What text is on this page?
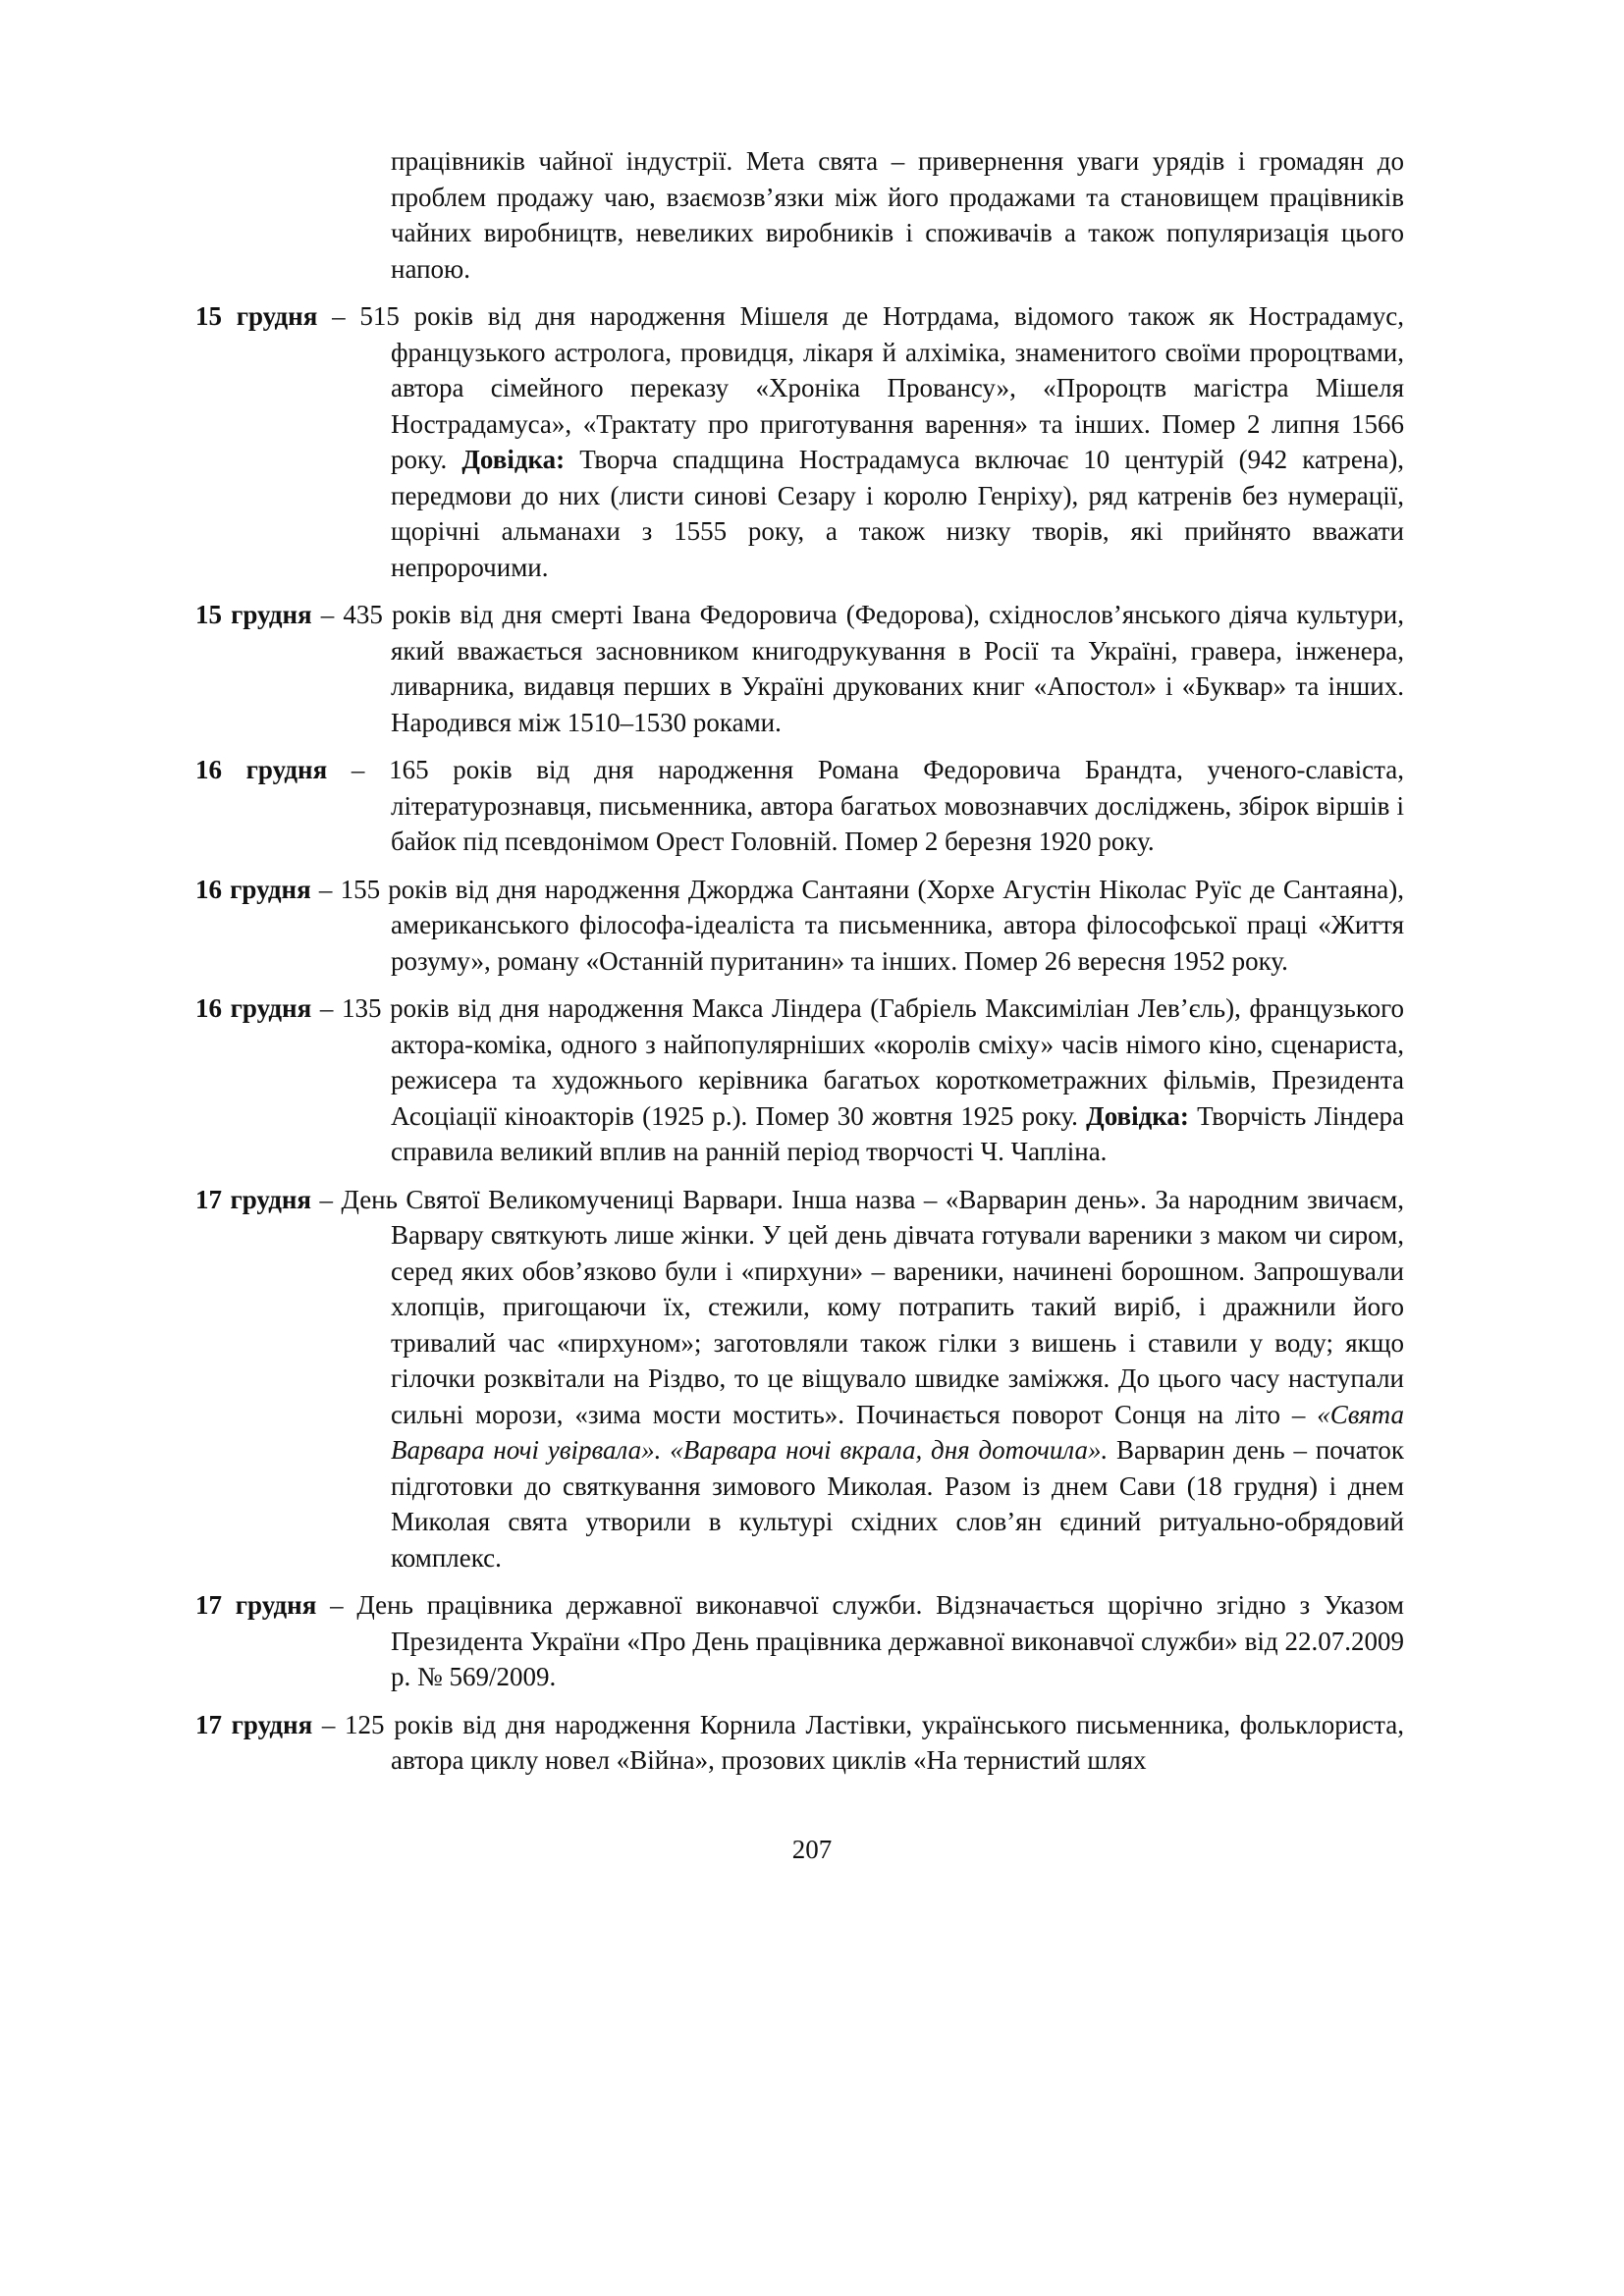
працівників чайної індустрії. Мета свята – привернення уваги урядів і громадян до проблем продажу чаю, взаємозв’язки між його продажами та становищем працівників чайних виробництв, невеликих виробників і споживачів а також популяризація цього напою.

15 грудня – 515 років від дня народження Мішеля де Нотрдама, відомого також як Нострадамус, французького астролога, провидця, лікаря й алхіміка, знаменитого своїми пророцтвами, автора сімейного переказу «Хроніка Провансу», «Пророцтв магістра Мішеля Нострадамуса», «Трактату про приготування варення» та інших. Помер 2 липня 1566 року. Довідка: Творча спадщина Нострадамуса включає 10 центурій (942 катрена), передмови до них (листи синові Сезару і королю Генріху), ряд катренів без нумерації, щорічні альманахи з 1555 року, а також низку творів, які прийнято вважати непророчими.

15 грудня – 435 років від дня смерті Івана Федоровича (Федорова), східнослов’янського діяча культури, який вважається засновником книгодрукування в Росії та Україні, гравера, інженера, ливарника, видавця перших в Україні друкованих книг «Апостол» і «Буквар» та інших. Народився між 1510–1530 роками.

16 грудня – 165 років від дня народження Романа Федоровича Брандта, ученого-славіста, літературознавця, письменника, автора багатьох мовознавчих досліджень, збірок віршів і байок під псевдонімом Орест Головній. Помер 2 березня 1920 року.

16 грудня – 155 років від дня народження Джорджа Сантаяни (Хорхе Агустін Ніколас Руїс де Сантаяна), американського філософа-ідеаліста та письменника, автора філософської праці «Життя розуму», роману «Останній пуританин» та інших. Помер 26 вересня 1952 року.

16 грудня – 135 років від дня народження Макса Ліндера (Габріель Максиміліан Лев’єль), французького актора-коміка, одного з найпопулярніших «королів сміху» часів німого кіно, сценариста, режисера та художнього керівника багатьох короткометражних фільмів, Президента Асоціації кіноакторів (1925 р.). Помер 30 жовтня 1925 року. Довідка: Творчість Ліндера справила великий вплив на ранній період творчості Ч. Чапліна.

17 грудня – День Святої Великомучениці Варвари. Інша назва – «Варварин день». За народним звичаєм, Варвару святкують лише жінки. У цей день дівчата готували вареники з маком чи сиром, серед яких обов’язково були і «пирхуни» – вареники, начинені борошном. Запрошували хлопців, пригощаючи їх, стежили, кому потрапить такий виріб, і дражнили його тривалий час «пирхуном»; заготовляли також гілки з вишень і ставили у воду; якщо гілочки розквітали на Різдво, то це віщувало швидке заміжжя. До цього часу наступали сильні морози, «зима мости мостить». Починається поворот Сонця на літо – «Свята Варвара ночі увірвала». «Варвара ночі вкрала, дня доточила». Варварин день – початок підготовки до святкування зимового Миколая. Разом із днем Сави (18 грудня) і днем Миколая свята утворили в культурі східних слов’ян єдиний ритуально-обрядовий комплекс.

17 грудня – День працівника державної виконавчої служби. Відзначається щорічно згідно з Указом Президента України «Про День працівника державної виконавчої служби» від 22.07.2009 р. № 569/2009.

17 грудня – 125 років від дня народження Корнила Ластівки, українського письменника, фольклориста, автора циклу новел «Війна», прозових циклів «На тернистий шлях

207
